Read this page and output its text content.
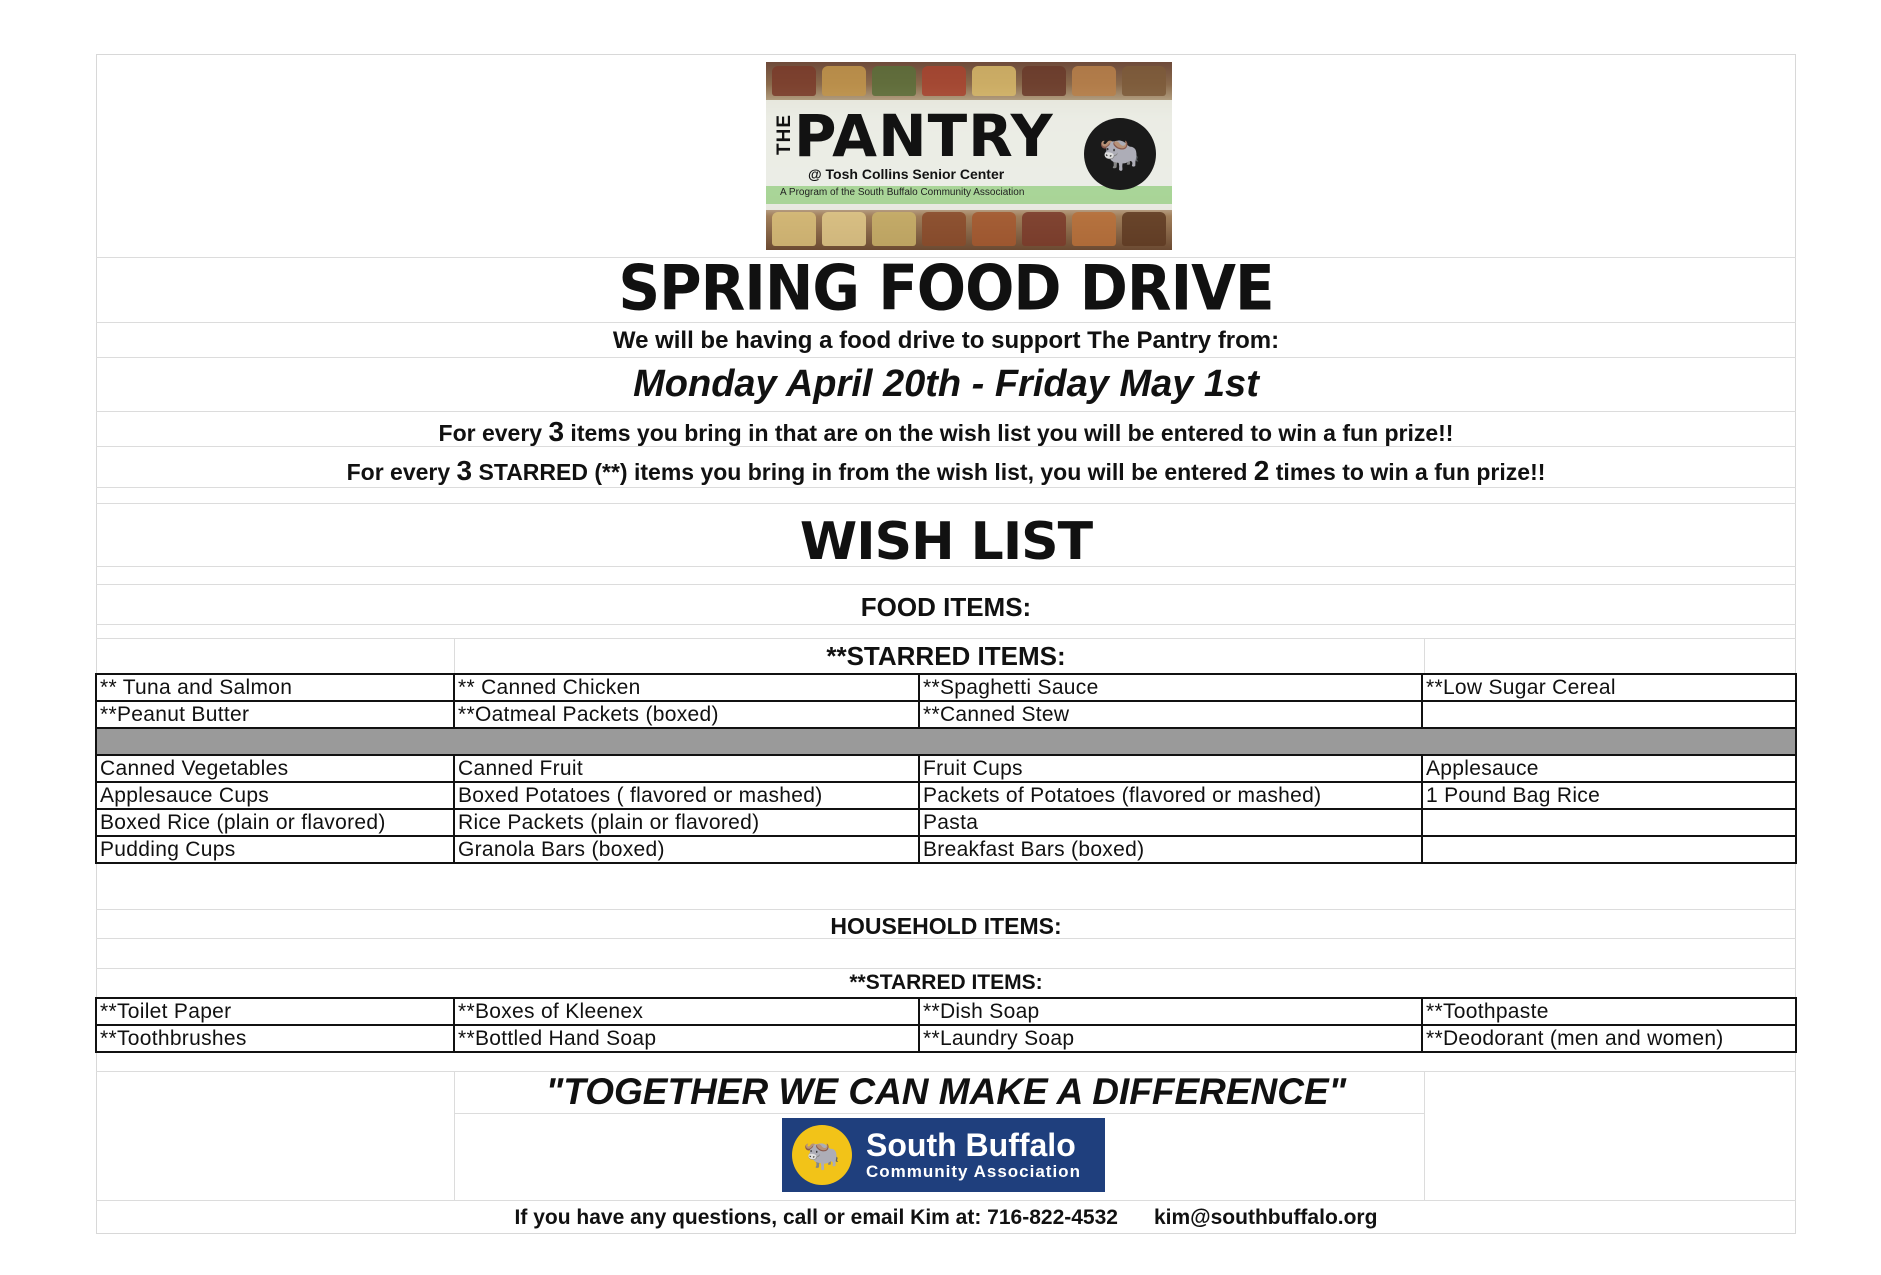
THE PANTRY
@ Tosh Collins Senior Center
A Program of the South Buffalo Community Association
🐃
SPRING FOOD DRIVE
We will be having a food drive to support The Pantry from:
Monday April 20th - Friday May 1st
For every 3 items you bring in that are on the wish list you will be entered to win a fun prize!!
For every 3 STARRED (**) items you bring in from the wish list, you will be entered 2 times to win a fun prize!!
WISH LIST
FOOD ITEMS:
**STARRED ITEMS:
** Tuna and Salmon	** Canned Chicken	**Spaghetti Sauce	**Low Sugar Cereal
**Peanut Butter	**Oatmeal Packets (boxed)	**Canned Stew	

Canned Vegetables	Canned Fruit	Fruit Cups	Applesauce
Applesauce Cups	Boxed Potatoes ( flavored or mashed)	Packets of Potatoes (flavored or mashed)	1 Pound Bag Rice
Boxed Rice (plain or flavored)	Rice Packets (plain or flavored)	Pasta	
Pudding Cups	Granola Bars (boxed)	Breakfast Bars (boxed)	
HOUSEHOLD ITEMS:
**STARRED ITEMS:
**Toilet Paper	**Boxes of Kleenex	**Dish Soap	**Toothpaste
**Toothbrushes	**Bottled Hand Soap	**Laundry Soap	**Deodorant (men and women)
"TOGETHER WE CAN MAKE A DIFFERENCE"
🐃 South Buffalo
Community Association
If you have any questions, call or email Kim at: 716-822-4532 kim@southbuffalo.org
